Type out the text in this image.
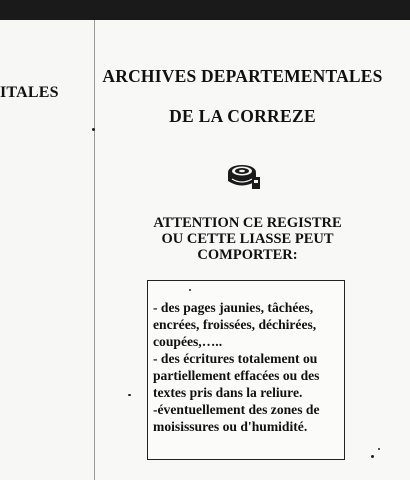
ITALES
ARCHIVES DEPARTEMENTALES
DE LA CORREZE
ATTENTION CE REGISTRE
OU CETTE LIASSE PEUT
COMPORTER:
- des pages jaunies, tâchées,
encrées, froissées, déchirées,
coupées,…..
- des écritures totalement ou
partiellement effacées ou des
textes pris dans la reliure.
-éventuellement des zones de
moisissures ou d'humidité.
